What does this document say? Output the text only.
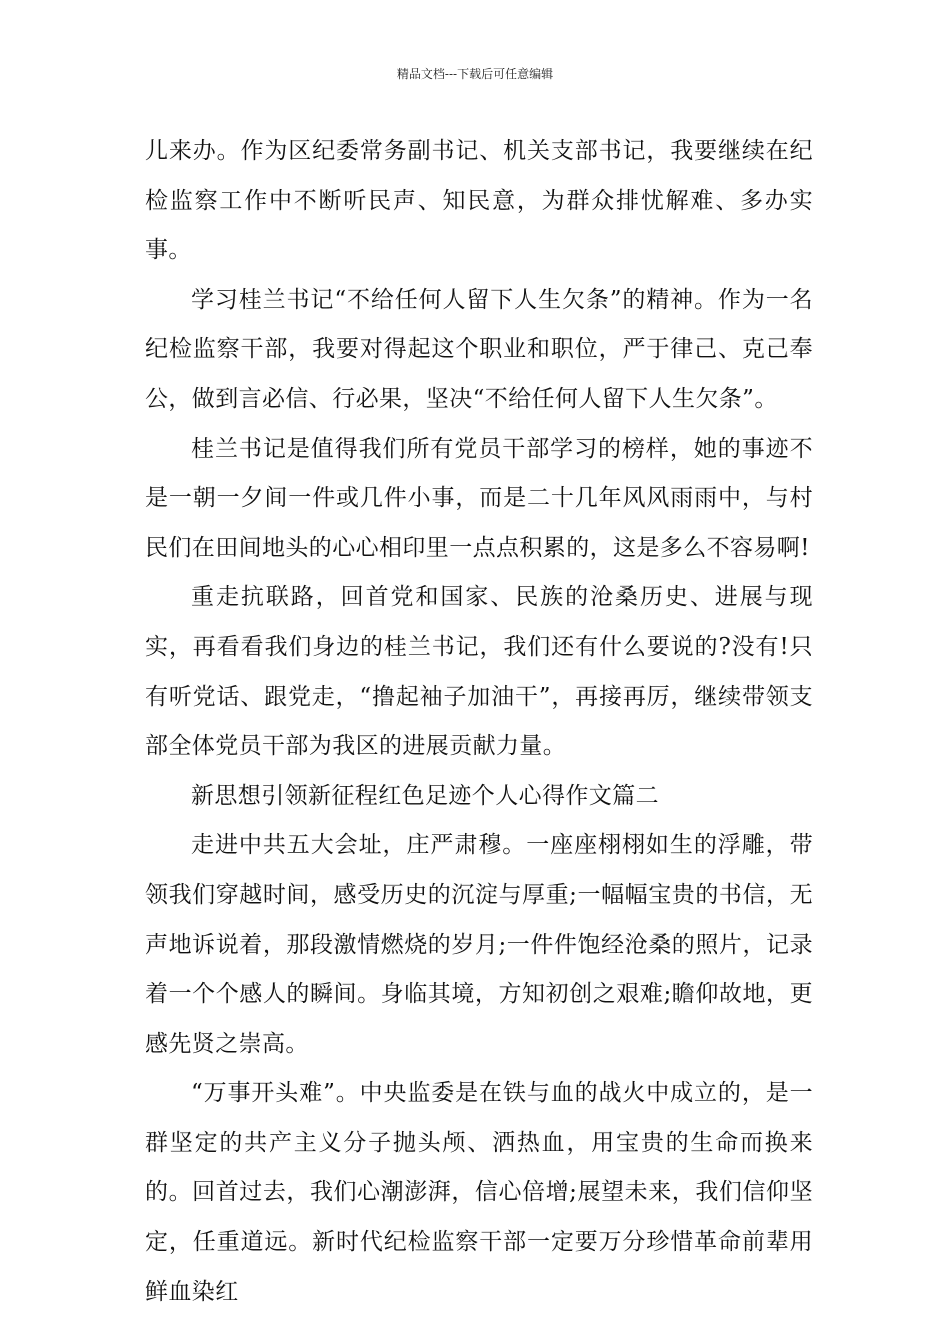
精品文档---下载后可任意编辑

儿来办。作为区纪委常务副书记、机关支部书记，我要继续在纪检监察工作中不断听民声、知民意，为群众排忧解难、多办实事。

学习桂兰书记“不给任何人留下人生欠条”的精神。作为一名纪检监察干部，我要对得起这个职业和职位，严于律己、克己奉公，做到言必信、行必果，坚决“不给任何人留下人生欠条”。

桂兰书记是值得我们所有党员干部学习的榜样，她的事迹不是一朝一夕间一件或几件小事，而是二十几年风风雨雨中，与村民们在田间地头的心心相印里一点点积累的，这是多么不容易啊!

重走抗联路，回首党和国家、民族的沧桑历史、进展与现实，再看看我们身边的桂兰书记，我们还有什么要说的?没有!只有听党话、跟党走，“撸起袖子加油干”，再接再厉，继续带领支部全体党员干部为我区的进展贡献力量。

新思想引领新征程红色足迹个人心得作文篇二

走进中共五大会址，庄严肃穆。一座座栩栩如生的浮雕，带领我们穿越时间，感受历史的沉淀与厚重;一幅幅宝贵的书信，无声地诉说着，那段激情燃烧的岁月;一件件饱经沧桑的照片，记录着一个个感人的瞬间。身临其境，方知初创之艰难;瞻仰故地，更感先贤之崇高。

“万事开头难”。中央监委是在铁与血的战火中成立的，是一群坚定的共产主义分子抛头颅、洒热血，用宝贵的生命而换来的。回首过去，我们心潮澎湃，信心倍增;展望未来，我们信仰坚定，任重道远。新时代纪检监察干部一定要万分珍惜革命前辈用鲜血染红
